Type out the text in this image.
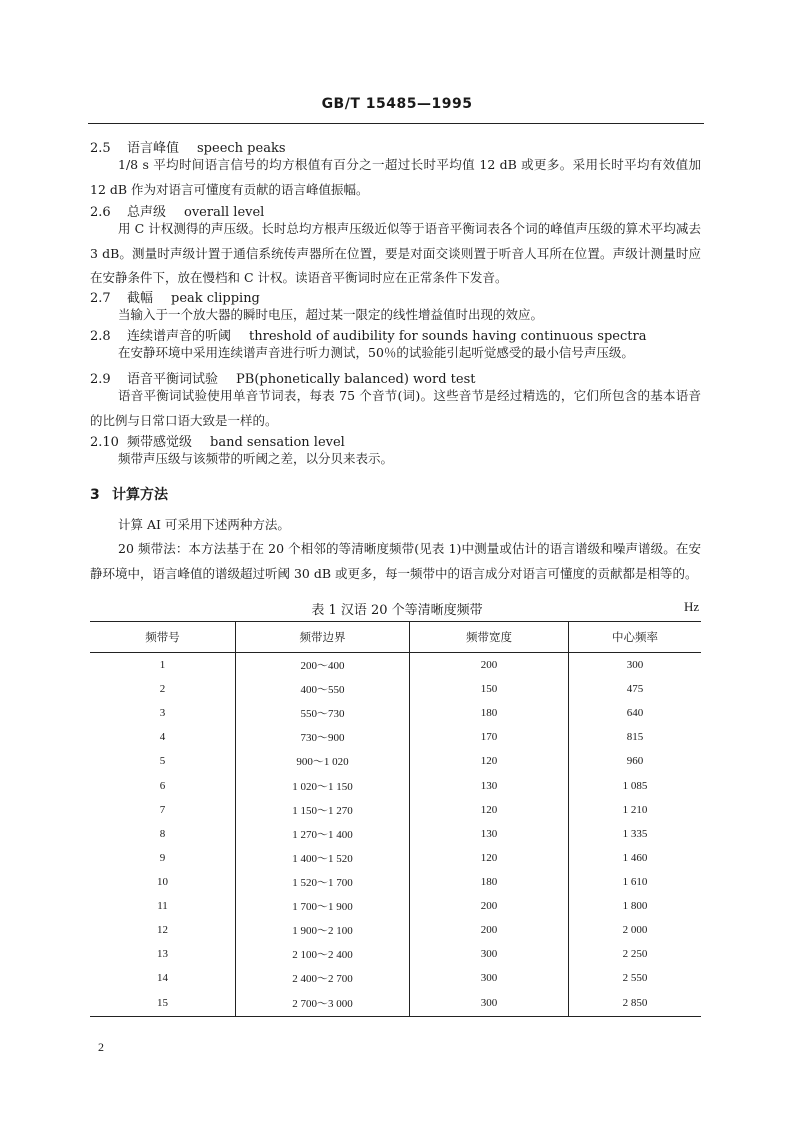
GB/T 15485—1995
2.5 语言峰值 speech peaks

1/8 s 平均时间语言信号的均方根值有百分之一超过长时平均值 12 dB 或更多。采用长时平均有效值加 12 dB 作为对语言可懂度有贡献的语言峰值振幅。

2.6 总声级 overall level

用 C 计权测得的声压级。长时总均方根声压级近似等于语音平衡词表各个词的峰值声压级的算术平均减去 3 dB。测量时声级计置于通信系统传声器所在位置，要是对面交谈则置于听音人耳所在位置。声级计测量时应在安静条件下，放在慢档和 C 计权。读语音平衡词时应在正常条件下发音。

2.7 截幅 peak clipping

当输入于一个放大器的瞬时电压，超过某一限定的线性增益值时出现的效应。

2.8 连续谱声音的听阈 threshold of audibility for sounds having continuous spectra

在安静环境中采用连续谱声音进行听力测试，50％的试验能引起听觉感受的最小信号声压级。

2.9 语音平衡词试验 PB(phonetically balanced) word test

语音平衡词试验使用单音节词表，每表 75 个音节(词)。这些音节是经过精选的，它们所包含的基本语音的比例与日常口语大致是一样的。

2.10 频带感觉级 band sensation level

频带声压级与该频带的听阈之差，以分贝来表示。

3 计算方法

计算 AI 可采用下述两种方法。

20 频带法：本方法基于在 20 个相邻的等清晰度频带(见表 1)中测量或估计的语言谱级和噪声谱级。在安静环境中，语言峰值的谱级超过听阈 30 dB 或更多，每一频带中的语言成分对语言可懂度的贡献都是相等的。

表 1 汉语 20 个等清晰度频带	Hz
频带号	频带边界	频带宽度	中心频率
1	200～400	200	300
2	400～550	150	475
3	550～730	180	640
4	730～900	170	815
5	900～1 020	120	960
6	1 020～1 150	130	1 085
7	1 150～1 270	120	1 210
8	1 270～1 400	130	1 335
9	1 400～1 520	120	1 460
10	1 520～1 700	180	1 610
11	1 700～1 900	200	1 800
12	1 900～2 100	200	2 000
13	2 100～2 400	300	2 250
14	2 400～2 700	300	2 550
15	2 700～3 000	300	2 850
2
